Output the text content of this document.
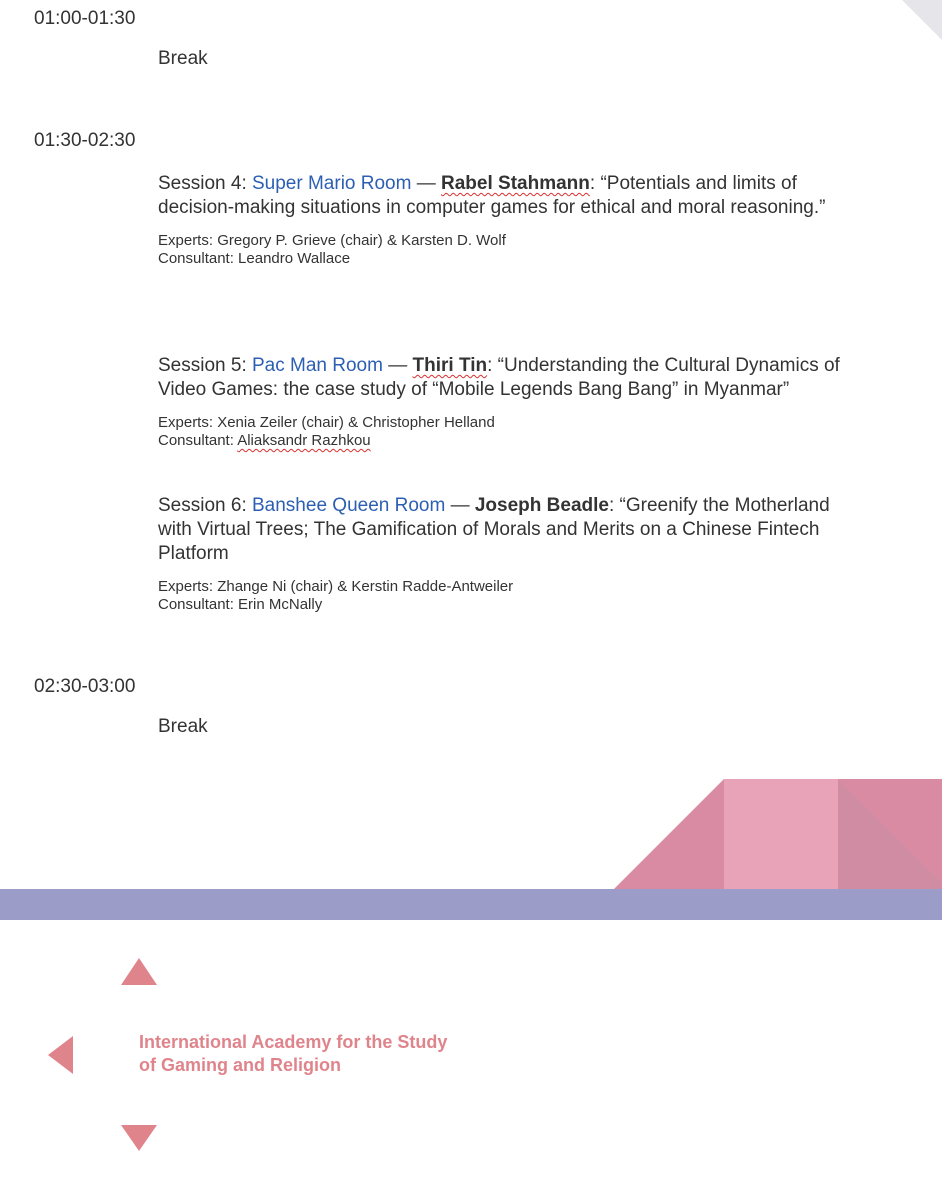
01:00-01:30
Break
01:30-02:30

Session 4: Super Mario Room — Rabel Stahmann: “Potentials and limits of decision-making situations in computer games for ethical and moral reasoning.”

Experts: Gregory P. Grieve (chair) & Karsten D. Wolf
Consultant: Leandro Wallace

Session 5: Pac Man Room — Thiri Tin: “Understanding the Cultural Dynamics of Video Games: the case study of “Mobile Legends Bang Bang” in Myanmar”

Experts: Xenia Zeiler (chair) & Christopher Helland
Consultant: Aliaksandr Razhkou

Session 6: Banshee Queen Room — Joseph Beadle: “Greenify the Motherland with Virtual Trees; The Gamification of Morals and Merits on a Chinese Fintech Platform

Experts: Zhange Ni (chair) & Kerstin Radde-Antweiler
Consultant: Erin McNally
02:30-03:00
Break
International Academy for the Study
of Gaming and Religion
